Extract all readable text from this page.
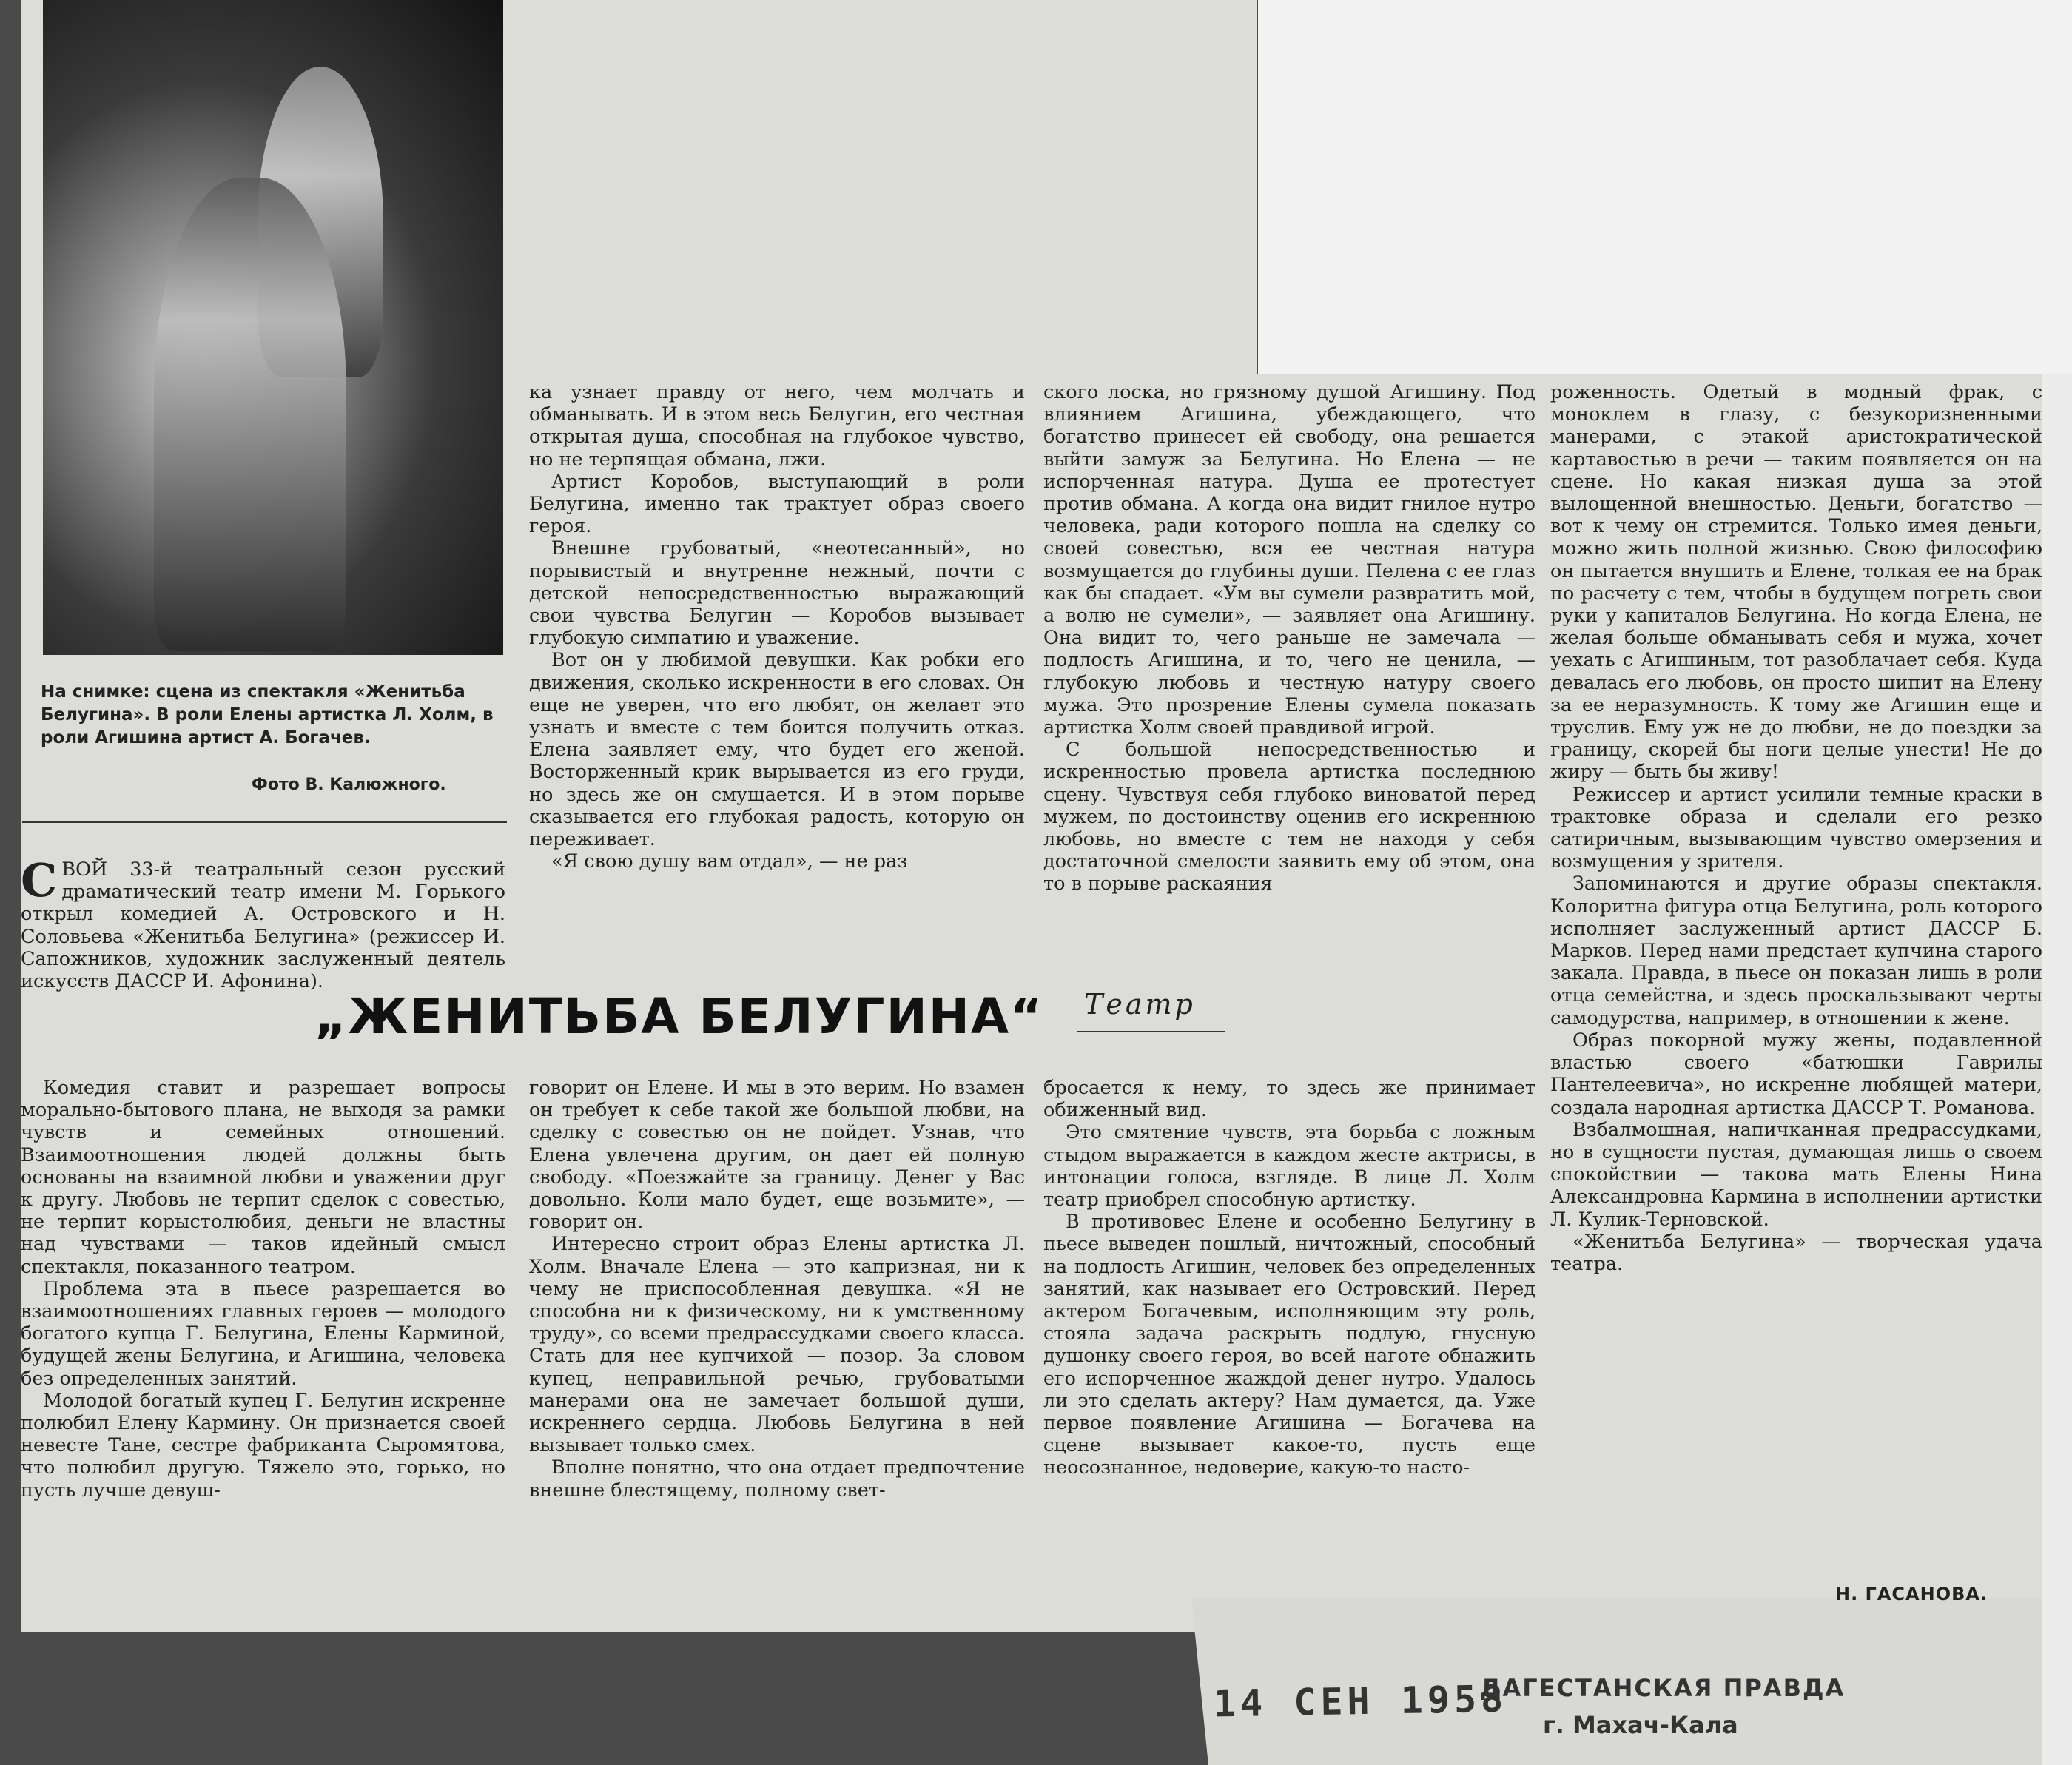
На снимке: сцена из спектакля «Женитьба Белугина». В роли Елены артистка Л. Холм, в роли Агишина артист А. Богачев.

Фото В. Калюжного.

СВОЙ 33-й театральный сезон русский драматический театр имени М. Горького открыл комедией А. Островского и Н. Соловьева «Женитьба Белугина» (режиссер И. Сапожников, художник заслуженный деятель искусств ДАССР И. Афонина).

Комедия ставит и разрешает вопросы морально-бытового плана, не выходя за рамки чувств и семейных отношений. Взаимоотношения людей должны быть основаны на взаимной любви и уважении друг к другу. Любовь не терпит сделок с совестью, не терпит корыстолюбия, деньги не властны над чувствами — таков идейный смысл спектакля, показанного театром.

Проблема эта в пьесе разрешается во взаимоотношениях главных героев — молодого богатого купца Г. Белугина, Елены Карминой, будущей жены Белугина, и Агишина, человека без определенных занятий.

Молодой богатый купец Г. Белугин искренне полюбил Елену Кармину. Он признается своей невесте Тане, сестре фабриканта Сыромятова, что полюбил другую. Тяжело это, горько, но пусть лучше девуш-

ка узнает правду от него, чем молчать и обманывать. И в этом весь Белугин, его честная открытая душа, способная на глубокое чувство, но не терпящая обмана, лжи.

Артист Коробов, выступающий в роли Белугина, именно так трактует образ своего героя.

Внешне грубоватый, «неотесанный», но порывистый и внутренне нежный, почти с детской непосредственностью выражающий свои чувства Белугин — Коробов вызывает глубокую симпатию и уважение.

Вот он у любимой девушки. Как робки его движения, сколько искренности в его словах. Он еще не уверен, что его любят, он желает это узнать и вместе с тем боится получить отказ. Елена заявляет ему, что будет его женой. Восторженный крик вырывается из его груди, но здесь же он смущается. И в этом порыве сказывается его глубокая радость, которую он переживает.

«Я свою душу вам отдал», — не раз

„ЖЕНИТЬБА БЕЛУГИНА“

говорит он Елене. И мы в это верим. Но взамен он требует к себе такой же большой любви, на сделку с совестью он не пойдет. Узнав, что Елена увлечена другим, он дает ей полную свободу. «Поезжайте за границу. Денег у Вас довольно. Коли мало будет, еще возьмите», — говорит он.

Интересно строит образ Елены артистка Л. Холм. Вначале Елена — это капризная, ни к чему не приспособленная девушка. «Я не способна ни к физическому, ни к умственному труду», со всеми предрассудками своего класса. Стать для нее купчихой — позор. За словом купец, неправильной речью, грубоватыми манерами она не замечает большой души, искреннего сердца. Любовь Белугина в ней вызывает только смех.

Вполне понятно, что она отдает предпочтение внешне блестящему, полному свет-

ского лоска, но грязному душой Агишину. Под влиянием Агишина, убеждающего, что богатство принесет ей свободу, она решается выйти замуж за Белугина. Но Елена — не испорченная натура. Душа ее протестует против обмана. А когда она видит гнилое нутро человека, ради которого пошла на сделку со своей совестью, вся ее честная натура возмущается до глубины души. Пелена с ее глаз как бы спадает. «Ум вы сумели развратить мой, а волю не сумели», — заявляет она Агишину. Она видит то, чего раньше не замечала — подлость Агишина, и то, чего не ценила, — глубокую любовь и честную натуру своего мужа. Это прозрение Елены сумела показать артистка Холм своей правдивой игрой.

С большой непосредственностью и искренностью провела артистка последнюю сцену. Чувствуя себя глубоко виноватой перед мужем, по достоинству оценив его искреннюю любовь, но вместе с тем не находя у себя достаточной смелости заявить ему об этом, она то в порыве раскаяния

Театр

бросается к нему, то здесь же принимает обиженный вид.

Это смятение чувств, эта борьба с ложным стыдом выражается в каждом жесте актрисы, в интонации голоса, взгляде. В лице Л. Холм театр приобрел способную артистку.

В противовес Елене и особенно Белугину в пьесе выведен пошлый, ничтожный, способный на подлость Агишин, человек без определенных занятий, как называет его Островский. Перед актером Богачевым, исполняющим эту роль, стояла задача раскрыть подлую, гнусную душонку своего героя, во всей наготе обнажить его испорченное жаждой денег нутро. Удалось ли это сделать актеру? Нам думается, да. Уже первое появление Агишина — Богачева на сцене вызывает какое-то, пусть еще неосознанное, недоверие, какую-то насто-

роженность. Одетый в модный фрак, с моноклем в глазу, с безукоризненными манерами, с этакой аристократической картавостью в речи — таким появляется он на сцене. Но какая низкая душа за этой вылощенной внешностью. Деньги, богатство — вот к чему он стремится. Только имея деньги, можно жить полной жизнью. Свою философию он пытается внушить и Елене, толкая ее на брак по расчету с тем, чтобы в будущем погреть свои руки у капиталов Белугина. Но когда Елена, не желая больше обманывать себя и мужа, хочет уехать с Агишиным, тот разоблачает себя. Куда девалась его любовь, он просто шипит на Елену за ее неразумность. К тому же Агишин еще и труслив. Ему уж не до любви, не до поездки за границу, скорей бы ноги целые унести! Не до жиру — быть бы живу!

Режиссер и артист усилили темные краски в трактовке образа и сделали его резко сатиричным, вызывающим чувство омерзения и возмущения у зрителя.

Запоминаются и другие образы спектакля. Колоритна фигура отца Белугина, роль которого исполняет заслуженный артист ДАССР Б. Марков. Перед нами предстает купчина старого закала. Правда, в пьесе он показан лишь в роли отца семейства, и здесь проскальзывают черты самодурства, например, в отношении к жене.

Образ покорной мужу жены, подавленной властью своего «батюшки Гаврилы Пантелеевича», но искренне любящей матери, создала народная артистка ДАССР Т. Романова.

Взбалмошная, напичканная предрассудками, но в сущности пустая, думающая лишь о своем спокойствии — такова мать Елены Нина Александровна Кармина в исполнении артистки Л. Кулик-Терновской.

«Женитьба Белугина» — творческая удача театра.

Н. ГАСАНОВА.
14 СЕН 1958
ДАГЕСТАНСКАЯ ПРАВДА
г. Махач-Кала
